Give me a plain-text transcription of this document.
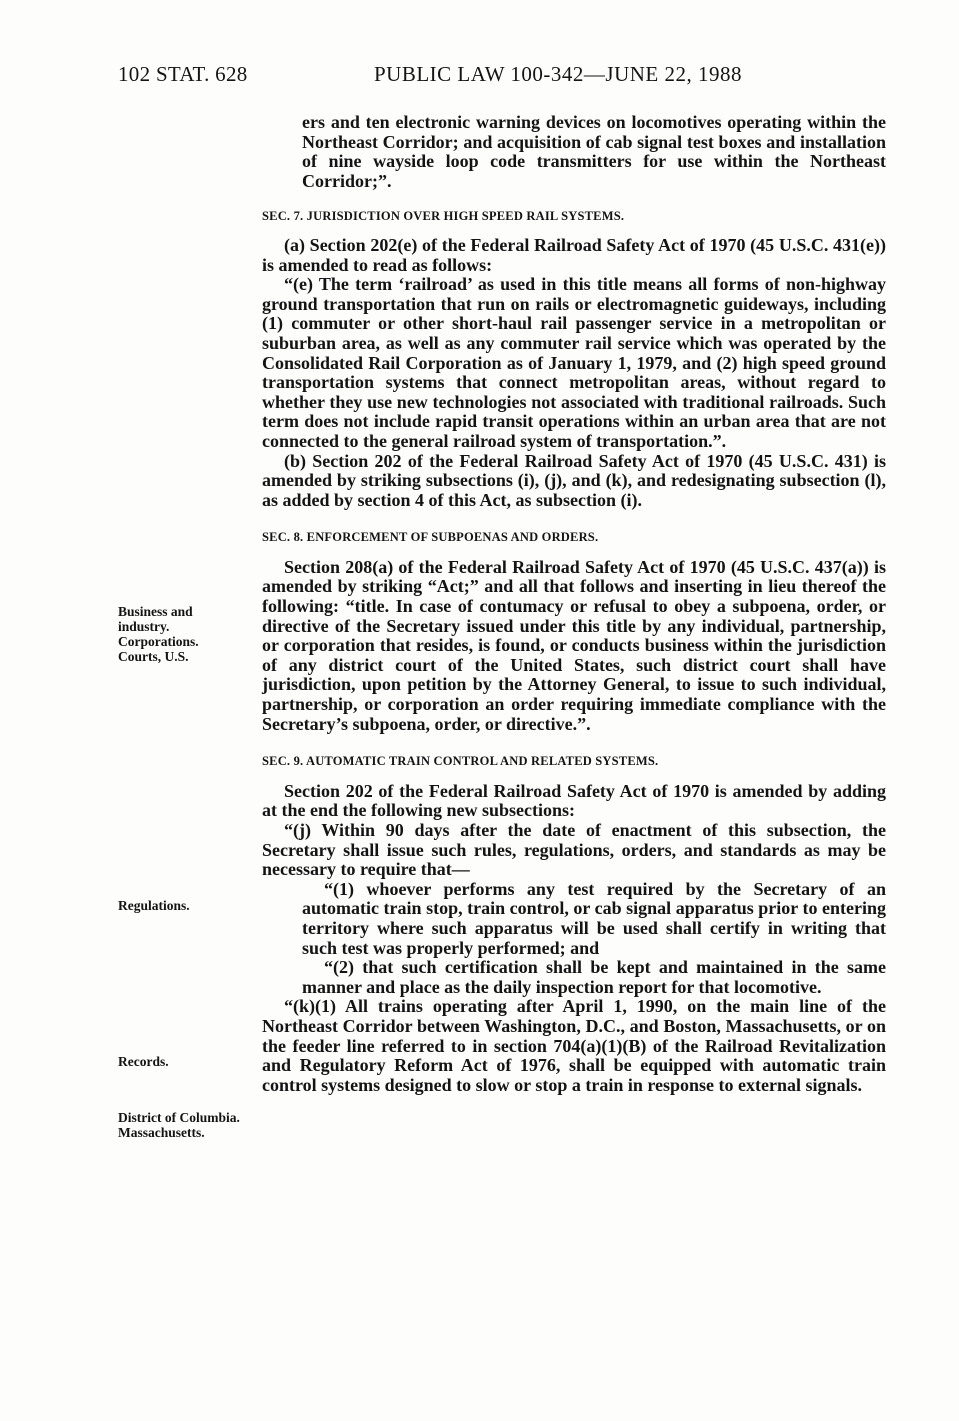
102 STAT. 628	PUBLIC LAW 100-342—JUNE 22, 1988

ers and ten electronic warning devices on locomotives operating within the Northeast Corridor; and acquisition of cab signal test boxes and installation of nine wayside loop code transmitters for use within the Northeast Corridor;”.

SEC. 7. JURISDICTION OVER HIGH SPEED RAIL SYSTEMS.

(a) Section 202(e) of the Federal Railroad Safety Act of 1970 (45 U.S.C. 431(e)) is amended to read as follows:

“(e) The term ‘railroad’ as used in this title means all forms of non-highway ground transportation that run on rails or electromagnetic guideways, including (1) commuter or other short-haul rail passenger service in a metropolitan or suburban area, as well as any commuter rail service which was operated by the Consolidated Rail Corporation as of January 1, 1979, and (2) high speed ground transportation systems that connect metropolitan areas, without regard to whether they use new technologies not associated with traditional railroads. Such term does not include rapid transit operations within an urban area that are not connected to the general railroad system of transportation.”.

(b) Section 202 of the Federal Railroad Safety Act of 1970 (45 U.S.C. 431) is amended by striking subsections (i), (j), and (k), and redesignating subsection (l), as added by section 4 of this Act, as subsection (i).

SEC. 8. ENFORCEMENT OF SUBPOENAS AND ORDERS.

Section 208(a) of the Federal Railroad Safety Act of 1970 (45 U.S.C. 437(a)) is amended by striking “Act;” and all that follows and inserting in lieu thereof the following: “title. In case of contumacy or refusal to obey a subpoena, order, or directive of the Secretary issued under this title by any individual, partnership, or corporation that resides, is found, or conducts business within the jurisdiction of any district court of the United States, such district court shall have jurisdiction, upon petition by the Attorney General, to issue to such individual, partnership, or corporation an order requiring immediate compliance with the Secretary’s subpoena, order, or directive.”.

SEC. 9. AUTOMATIC TRAIN CONTROL AND RELATED SYSTEMS.

Section 202 of the Federal Railroad Safety Act of 1970 is amended by adding at the end the following new subsections:

“(j) Within 90 days after the date of enactment of this subsection, the Secretary shall issue such rules, regulations, orders, and standards as may be necessary to require that—

“(1) whoever performs any test required by the Secretary of an automatic train stop, train control, or cab signal apparatus prior to entering territory where such apparatus will be used shall certify in writing that such test was properly performed; and

“(2) that such certification shall be kept and maintained in the same manner and place as the daily inspection report for that locomotive.

“(k)(1) All trains operating after April 1, 1990, on the main line of the Northeast Corridor between Washington, D.C., and Boston, Massachusetts, or on the feeder line referred to in section 704(a)(1)(B) of the Railroad Revitalization and Regulatory Reform Act of 1976, shall be equipped with automatic train control systems designed to slow or stop a train in response to external signals.

Business and industry.
Corporations.
Courts, U.S.
Regulations.
Records.
District of Columbia.
Massachusetts.
